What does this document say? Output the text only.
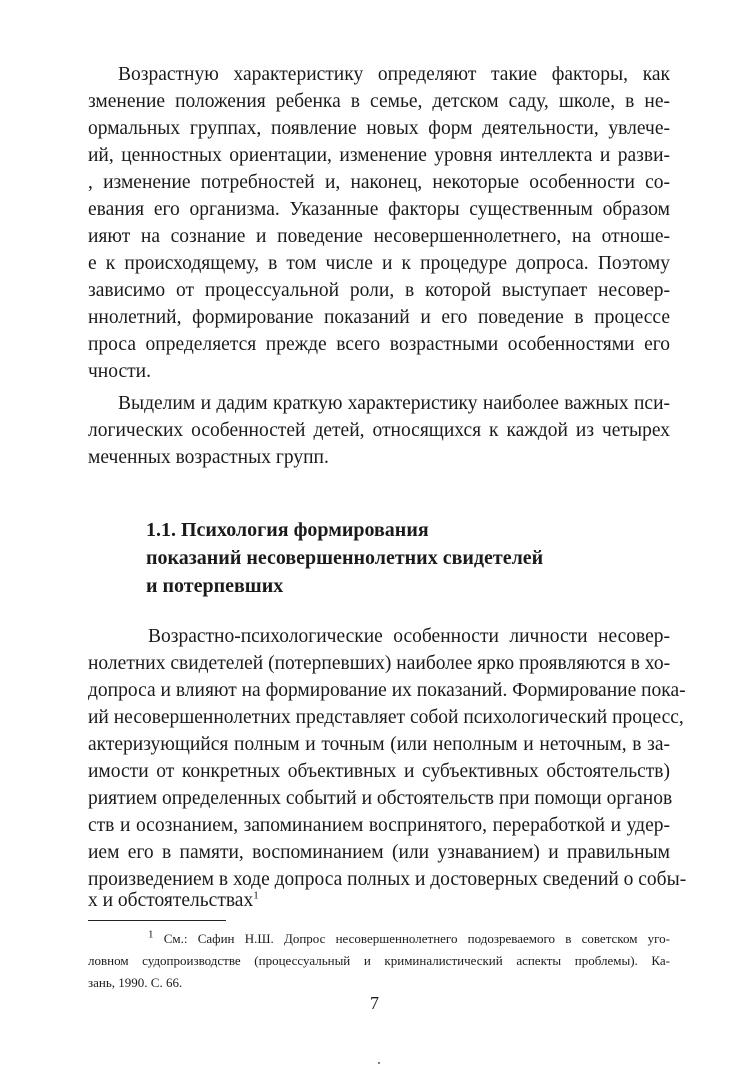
Возрастную характеристику определяют такие факторы, как

зменение положения ребенка в семье, детском саду, школе, в не-

ормальных группах, появление новых форм деятельности, увлече-

ий, ценностных ориентации, изменение уровня интеллекта и разви-

, изменение потребностей и, наконец, некоторые особенности со-

евания его организма. Указанные факторы существенным образом

ияют на сознание и поведение несовершеннолетнего, на отноше-

е к происходящему, в том числе и к процедуре допроса. Поэтому

зависимо от процессуальной роли, в которой выступает несовер-

ннолетний, формирование показаний и его поведение в процессе

проса определяется прежде всего возрастными особенностями его

чности.

Выделим и дадим краткую характеристику наиболее важных пси-

логических особенностей детей, относящихся к каждой из четырех

меченных возрастных групп.

1.1. Психология формирования
показаний несовершеннолетних свидетелей
и потерпевших

Возрастно-психологические особенности личности несовер-

нолетних свидетелей (потерпевших) наиболее ярко проявляются в хо-

допроса и влияют на формирование их показаний. Формирование пока-

ий несовершеннолетних представляет собой психологический процесс,

актеризующийся полным и точным (или неполным и неточным, в за-

имости от конкретных объективных и субъективных обстоятельств)

риятием определенных событий и обстоятельств при помощи органов

ств и осознанием, запоминанием воспринятого, переработкой и удер-

ием его в памяти, воспоминанием (или узнаванием) и правильным

произведением в ходе допроса полных и достоверных сведений о собы-

х и обстоятельствах$^1$

$^1$ См.: Сафин Н.Ш. Допрос несовершеннолетнего подозреваемого в советском уго-
ловном судопроизводстве (процессуальный и криминалистический аспекты проблемы). Ка-
зань, 1990. С. 66.
7
